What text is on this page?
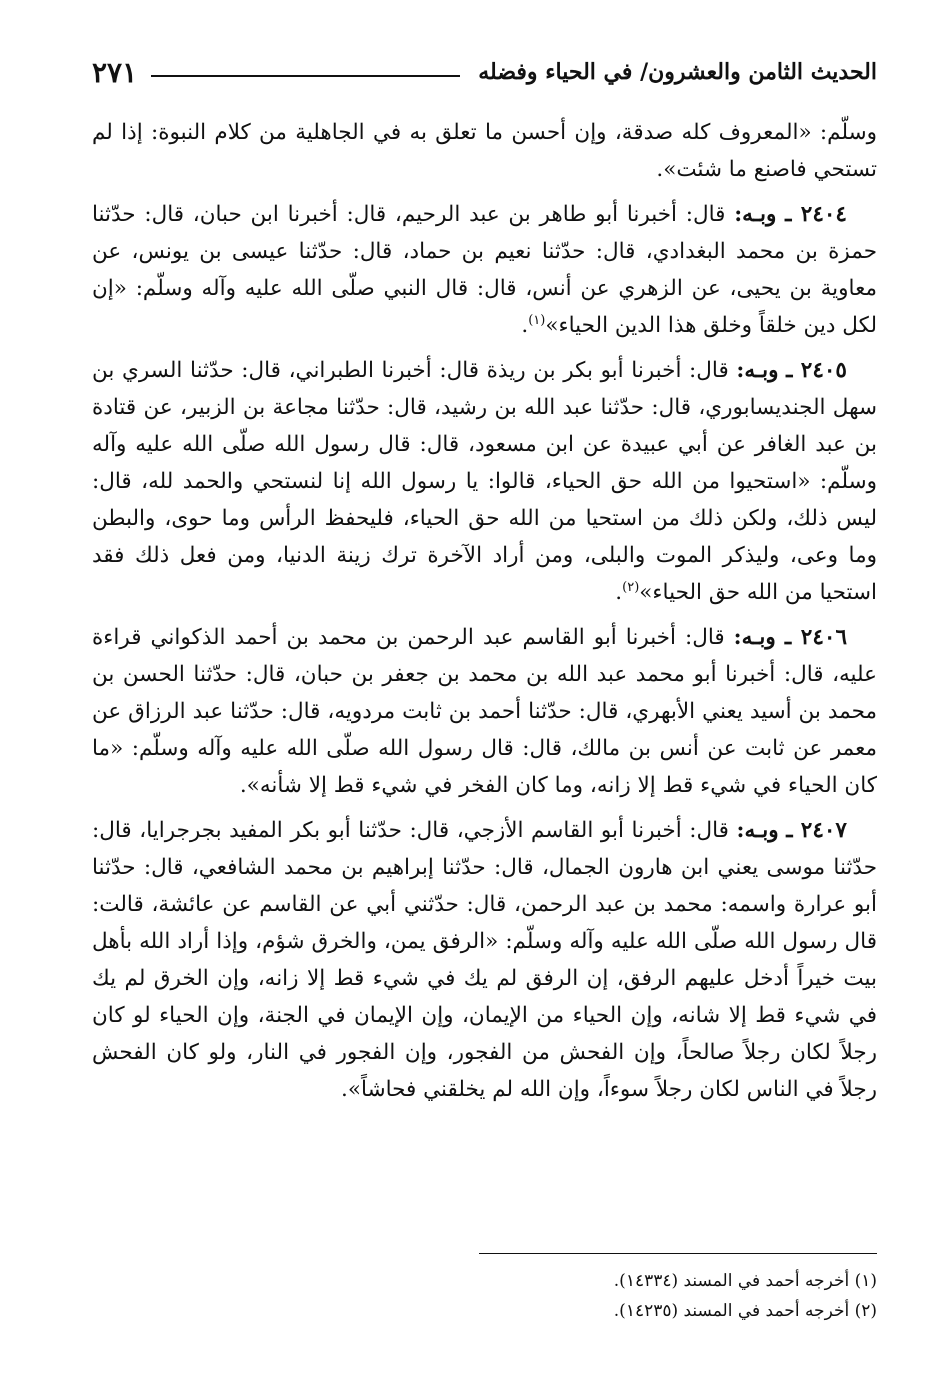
الحديث الثامن والعشرون/ في الحياء وفضله
٢٧١

وسلّم: «المعروف كله صدقة، وإن أحسن ما تعلق به في الجاهلية من كلام النبوة: إذا لم تستحي فاصنع ما شئت».

٢٤٠٤ ـ وبـه: قال: أخبرنا أبو طاهر بن عبد الرحيم، قال: أخبرنا ابن حبان، قال: حدّثنا حمزة بن محمد البغدادي، قال: حدّثنا نعيم بن حماد، قال: حدّثنا عيسى بن يونس، عن معاوية بن يحيى، عن الزهري عن أنس، قال: قال النبي صلّى الله عليه وآله وسلّم: «إن لكل دين خلقاً وخلق هذا الدين الحياء»$^{(١)}$.

٢٤٠٥ ـ وبـه: قال: أخبرنا أبو بكر بن ريذة قال: أخبرنا الطبراني، قال: حدّثنا السري بن سهل الجنديسابوري، قال: حدّثنا عبد الله بن رشيد، قال: حدّثنا مجاعة بن الزبير، عن قتادة بن عبد الغافر عن أبي عبيدة عن ابن مسعود، قال: قال رسول الله صلّى الله عليه وآله وسلّم: «استحيوا من الله حق الحياء، قالوا: يا رسول الله إنا لنستحي والحمد لله، قال: ليس ذلك، ولكن ذلك من استحيا من الله حق الحياء، فليحفظ الرأس وما حوى، والبطن وما وعى، وليذكر الموت والبلى، ومن أراد الآخرة ترك زينة الدنيا، ومن فعل ذلك فقد استحيا من الله حق الحياء»$^{(٢)}$.

٢٤٠٦ ـ وبـه: قال: أخبرنا أبو القاسم عبد الرحمن بن محمد بن أحمد الذكواني قراءة عليه، قال: أخبرنا أبو محمد عبد الله بن محمد بن جعفر بن حبان، قال: حدّثنا الحسن بن محمد بن أسيد يعني الأبهري، قال: حدّثنا أحمد بن ثابت مردويه، قال: حدّثنا عبد الرزاق عن معمر عن ثابت عن أنس بن مالك، قال: قال رسول الله صلّى الله عليه وآله وسلّم: «ما كان الحياء في شيء قط إلا زانه، وما كان الفخر في شيء قط إلا شأنه».

٢٤٠٧ ـ وبـه: قال: أخبرنا أبو القاسم الأزجي، قال: حدّثنا أبو بكر المفيد بجرجرايا، قال: حدّثنا موسى يعني ابن هارون الجمال، قال: حدّثنا إبراهيم بن محمد الشافعي، قال: حدّثنا أبو عرارة واسمه: محمد بن عبد الرحمن، قال: حدّثني أبي عن القاسم عن عائشة، قالت: قال رسول الله صلّى الله عليه وآله وسلّم: «الرفق يمن، والخرق شؤم، وإذا أراد الله بأهل بيت خيراً أدخل عليهم الرفق، إن الرفق لم يك في شيء قط إلا زانه، وإن الخرق لم يك في شيء قط إلا شانه، وإن الحياء من الإيمان، وإن الإيمان في الجنة، وإن الحياء لو كان رجلاً لكان رجلاً صالحاً، وإن الفحش من الفجور، وإن الفجور في النار، ولو كان الفحش رجلاً في الناس لكان رجلاً سوءاً، وإن الله لم يخلقني فحاشاً».

(١) أخرجه أحمد في المسند (١٤٣٣٤).

(٢) أخرجه أحمد في المسند (١٤٢٣٥).
